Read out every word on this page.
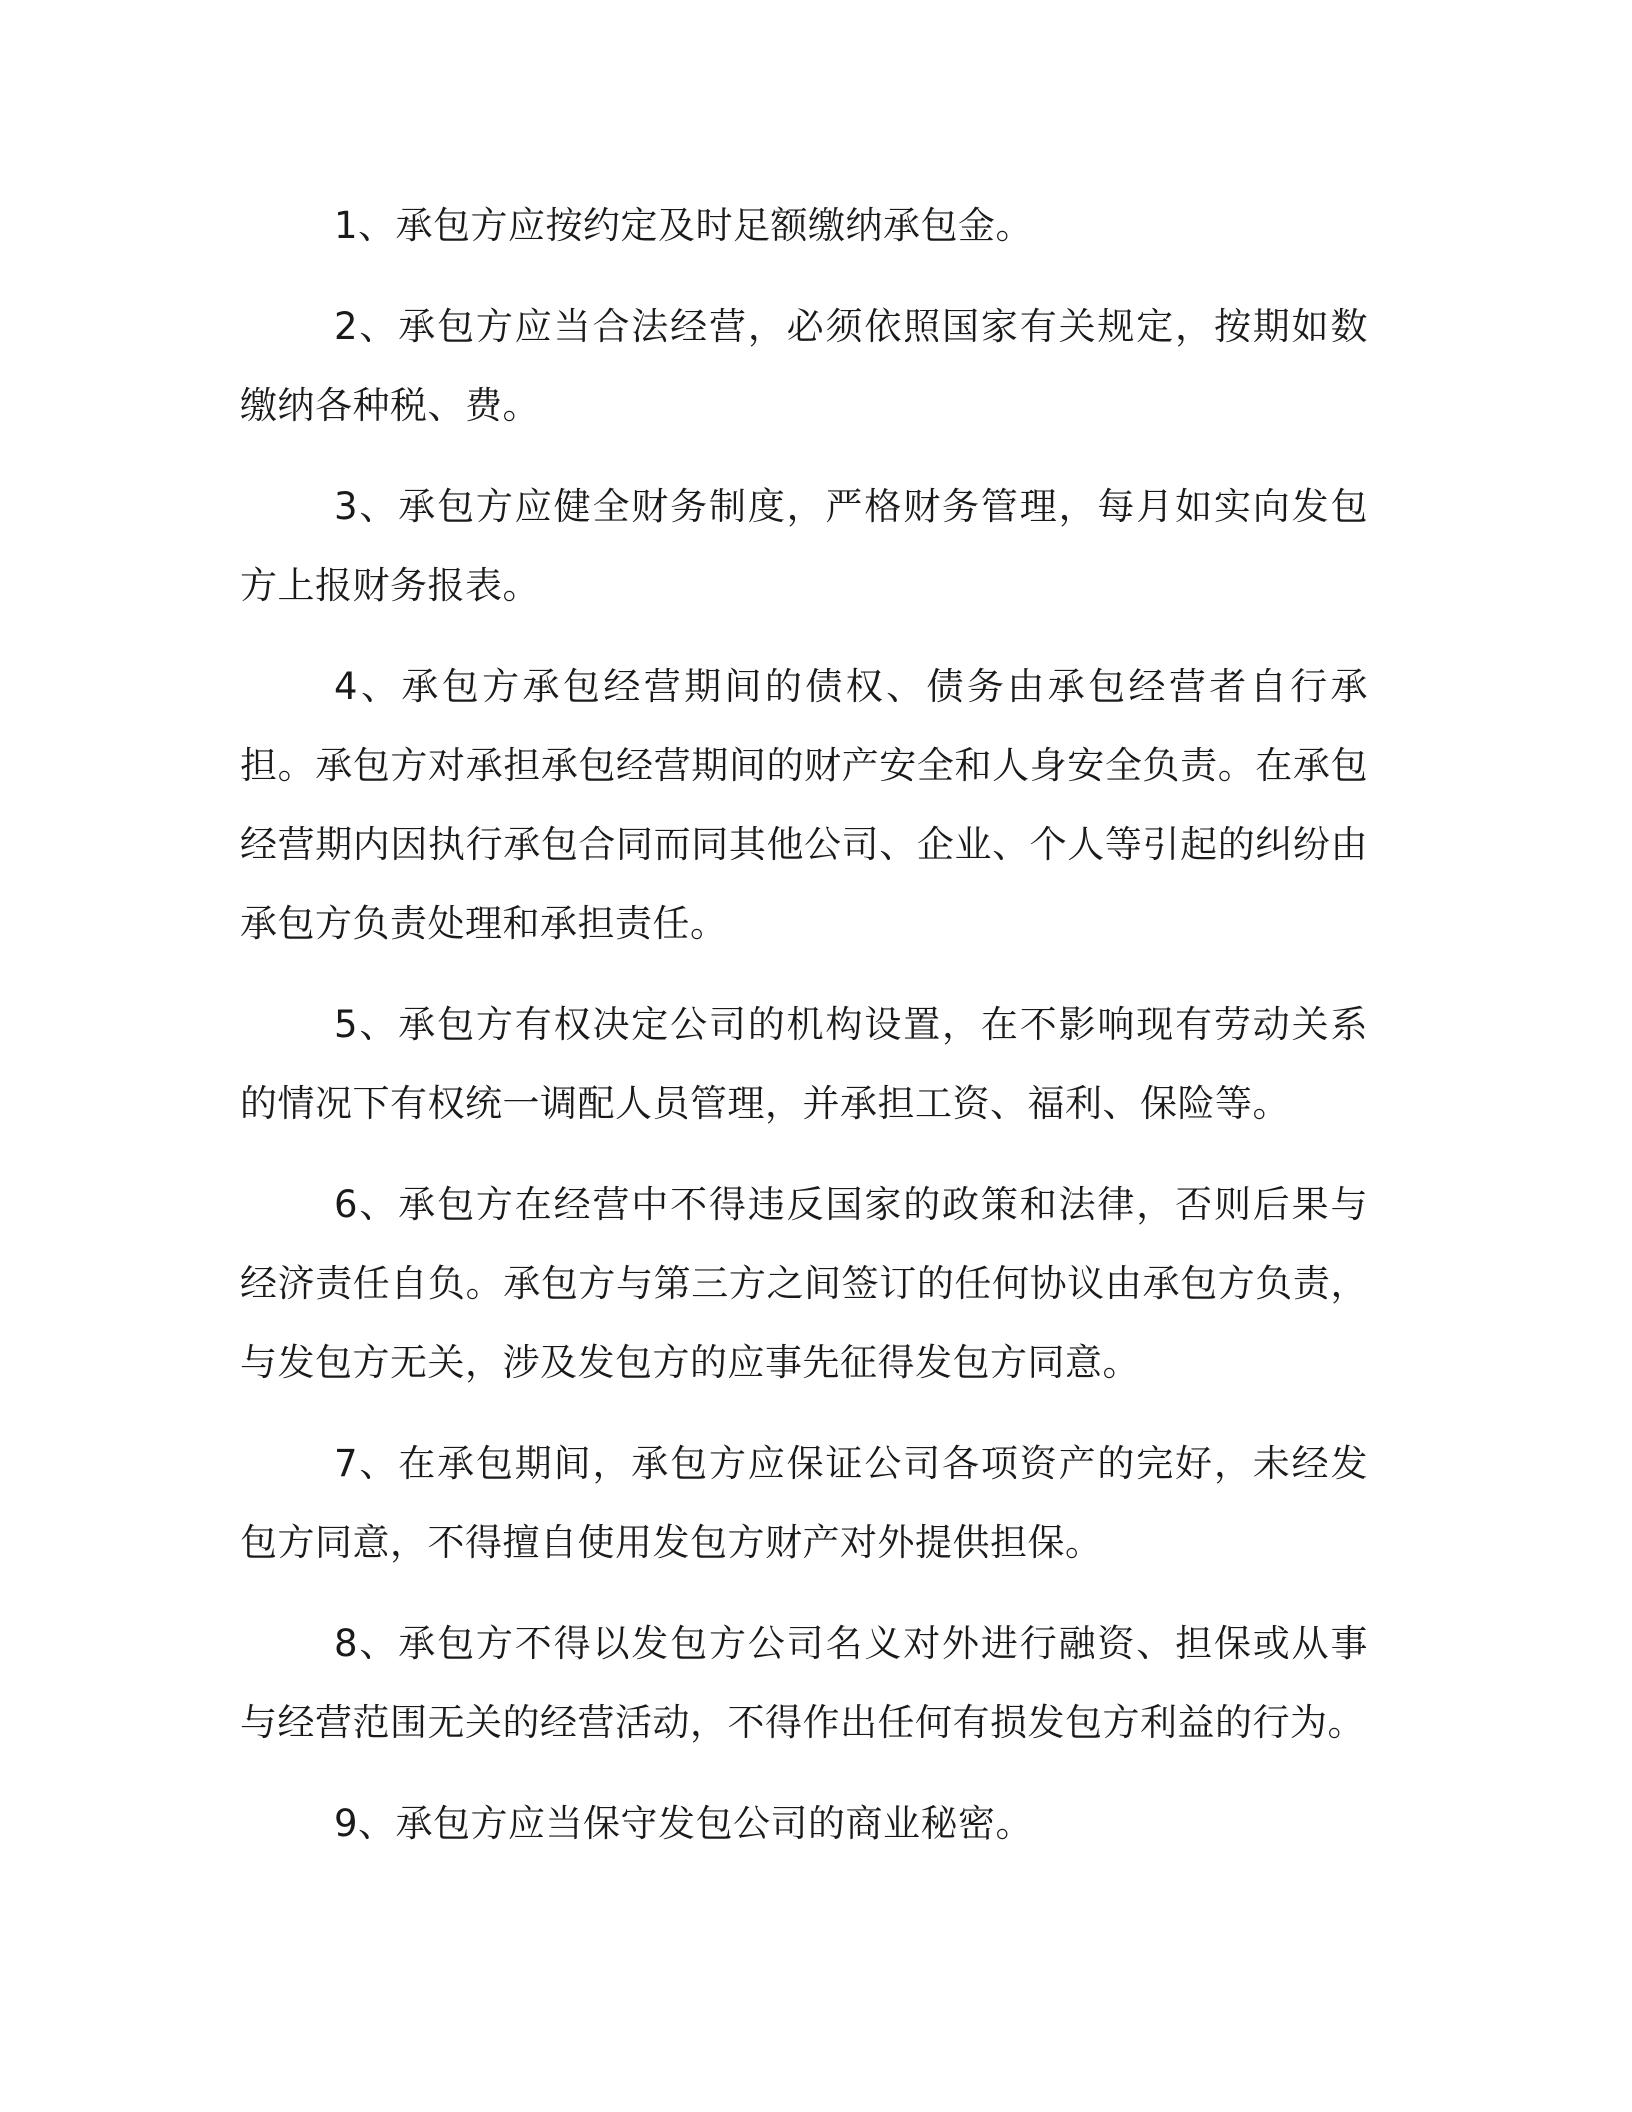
1、承包方应按约定及时足额缴纳承包金。

2、承包方应当合法经营，必须依照国家有关规定，按期如数缴纳各种税、费。

3、承包方应健全财务制度，严格财务管理，每月如实向发包方上报财务报表。

4、承包方承包经营期间的债权、债务由承包经营者自行承担。承包方对承担承包经营期间的财产安全和人身安全负责。在承包经营期内因执行承包合同而同其他公司、企业、个人等引起的纠纷由承包方负责处理和承担责任。

5、承包方有权决定公司的机构设置，在不影响现有劳动关系的情况下有权统一调配人员管理，并承担工资、福利、保险等。

6、承包方在经营中不得违反国家的政策和法律，否则后果与经济责任自负。承包方与第三方之间签订的任何协议由承包方负责，与发包方无关，涉及发包方的应事先征得发包方同意。

7、在承包期间，承包方应保证公司各项资产的完好，未经发包方同意，不得擅自使用发包方财产对外提供担保。

8、承包方不得以发包方公司名义对外进行融资、担保或从事与经营范围无关的经营活动，不得作出任何有损发包方利益的行为。

9、承包方应当保守发包公司的商业秘密。
